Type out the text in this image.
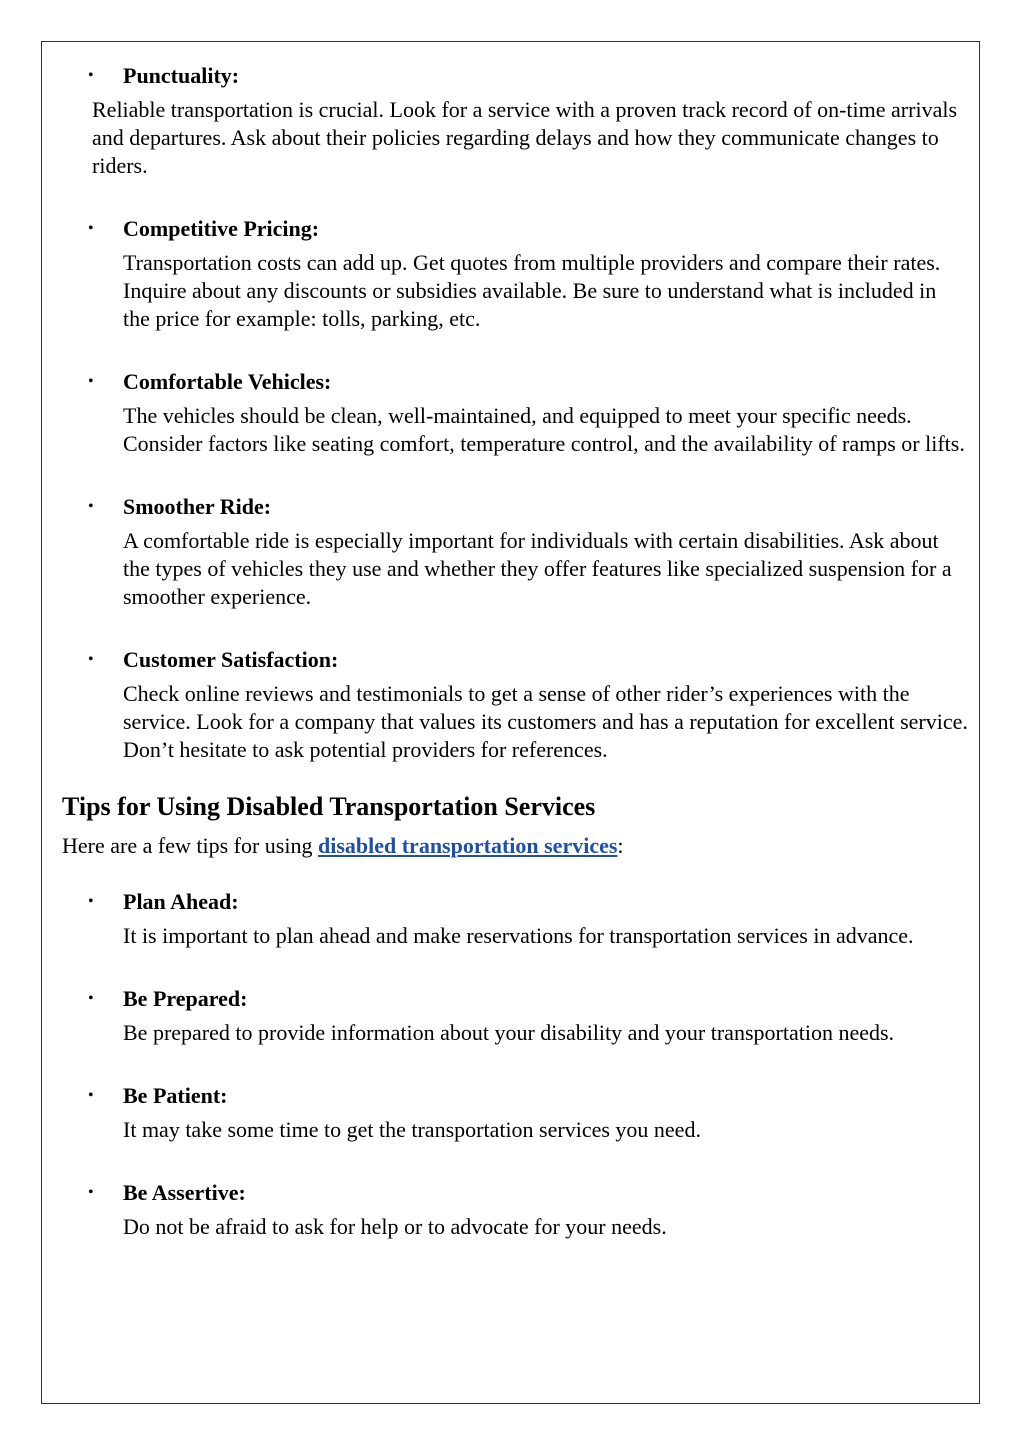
• Punctuality:
Reliable transportation is crucial. Look for a service with a proven track record of on-time arrivals and departures. Ask about their policies regarding delays and how they communicate changes to riders.
• Competitive Pricing:
Transportation costs can add up. Get quotes from multiple providers and compare their rates. Inquire about any discounts or subsidies available. Be sure to understand what is included in the price for example: tolls, parking, etc.
• Comfortable Vehicles:
The vehicles should be clean, well-maintained, and equipped to meet your specific needs. Consider factors like seating comfort, temperature control, and the availability of ramps or lifts.
• Smoother Ride:
A comfortable ride is especially important for individuals with certain disabilities. Ask about the types of vehicles they use and whether they offer features like specialized suspension for a smoother experience.
• Customer Satisfaction:
Check online reviews and testimonials to get a sense of other rider’s experiences with the service. Look for a company that values its customers and has a reputation for excellent service. Don’t hesitate to ask potential providers for references.
Tips for Using Disabled Transportation Services

Here are a few tips for using disabled transportation services:

• Plan Ahead:
It is important to plan ahead and make reservations for transportation services in advance.
• Be Prepared:
Be prepared to provide information about your disability and your transportation needs.
• Be Patient:
It may take some time to get the transportation services you need.
• Be Assertive:
Do not be afraid to ask for help or to advocate for your needs.
